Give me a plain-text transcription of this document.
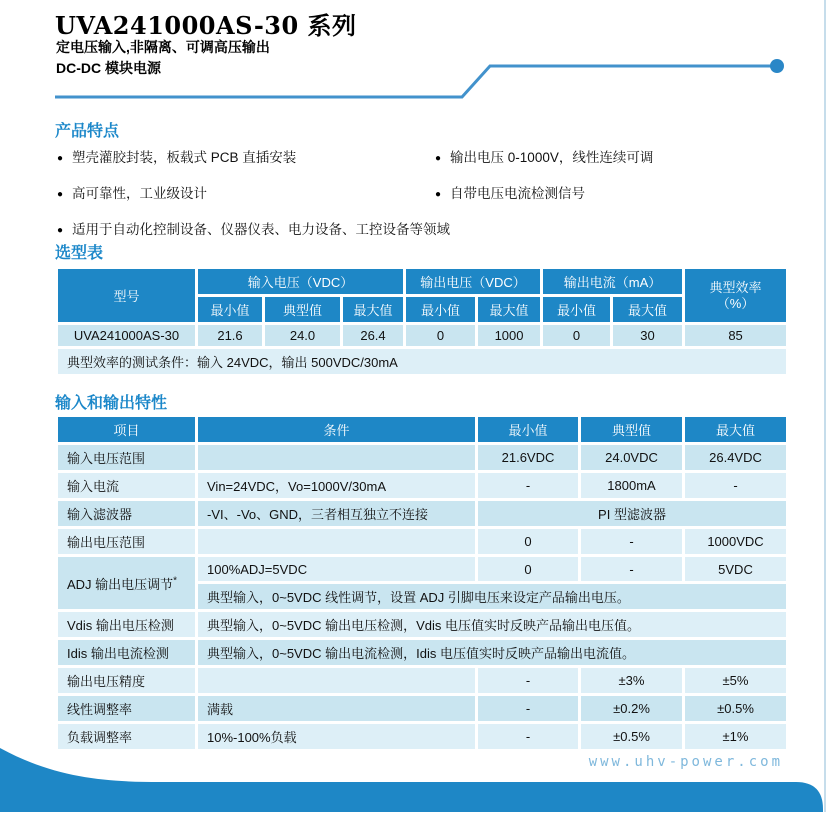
UVA241000AS-30 系列
定电压输入,非隔离、可调高压输出
DC-DC 模块电源
产品特点
● 塑壳灌胶封装，板载式 PCB 直插安装	● 输出电压 0-1000V，线性连续可调
● 高可靠性，工业级设计	● 自带电压电流检测信号
● 适用于自动化控制设备、仪器仪表、电力设备、工控设备等领域
选型表
型号	输入电压（VDC）			输出电压（VDC）		输出电流（mA）		典型效率
（%）

	最小值	典型值	最大值	最小值	最大值	最小值	最大值	
UVA241000AS-30	21.6	24.0	26.4	0	1000	0	30	85
典型效率的测试条件：输入 24VDC，输出 500VDC/30mA								
输入和输出特性
项目	条件	最小值	典型值	最大值
输入电压范围		21.6VDC	24.0VDC	26.4VDC
输入电流	Vin=24VDC，Vo=1000V/30mA	-	1800mA	-
输入滤波器	-VI、-Vo、GND，三者相互独立不连接	PI 型滤波器		
输出电压范围		0	-	1000VDC
ADJ 输出电压调节*	100%ADJ=5VDC	0	-	5VDC
	典型输入，0~5VDC 线性调节，设置 ADJ 引脚电压来设定产品输出电压。			
Vdis 输出电压检测	典型输入，0~5VDC 输出电压检测，Vdis 电压值实时反映产品输出电压值。			
Idis 输出电流检测	典型输入，0~5VDC 输出电流检测，Idis 电压值实时反映产品输出电流值。			
输出电压精度		-	±3%	±5%
线性调整率	满载	-	±0.2%	±0.5%
负载调整率	10%-100%负载	-	±0.5%	±1%
www.uhv-power.com
